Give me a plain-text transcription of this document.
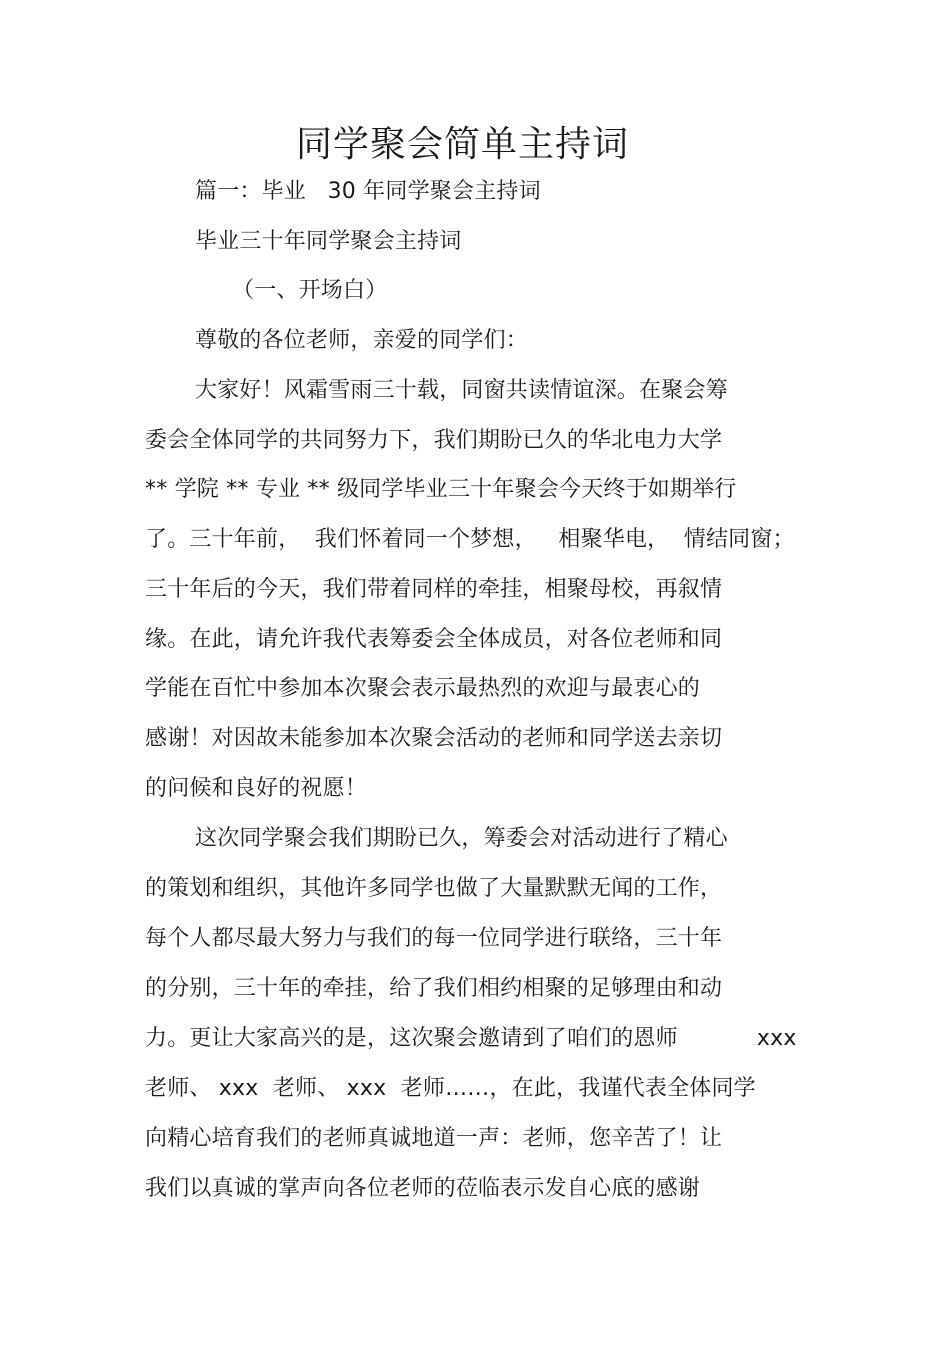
同学聚会简单主持词
篇一：毕业   30 年同学聚会主持词
毕业三十年同学聚会主持词
（一、开场白）
尊敬的各位老师，亲爱的同学们：
大家好！风霜雪雨三十载，同窗共读情谊深。在聚会筹
委会全体同学的共同努力下，我们期盼已久的华北电力大学
** 学院 ** 专业 ** 级同学毕业三十年聚会今天终于如期举行
了。三十年前，  我们怀着同一个梦想，   相聚华电，  情结同窗；
三十年后的今天，我们带着同样的牵挂，相聚母校，再叙情
缘。在此，请允许我代表筹委会全体成员，对各位老师和同
学能在百忙中参加本次聚会表示最热烈的欢迎与最衷心的
感谢！对因故未能参加本次聚会活动的老师和同学送去亲切
的问候和良好的祝愿！
这次同学聚会我们期盼已久，筹委会对活动进行了精心
的策划和组织，其他许多同学也做了大量默默无闻的工作，
每个人都尽最大努力与我们的每一位同学进行联络，三十年
的分别，三十年的牵挂，给了我们相约相聚的足够理由和动
力。更让大家高兴的是，这次聚会邀请到了咱们的恩师           xxx
老师、 xxx  老师、 xxx  老师……，在此，我谨代表全体同学
向精心培育我们的老师真诚地道一声：老师，您辛苦了！让
我们以真诚的掌声向各位老师的莅临表示发自心底的感谢
